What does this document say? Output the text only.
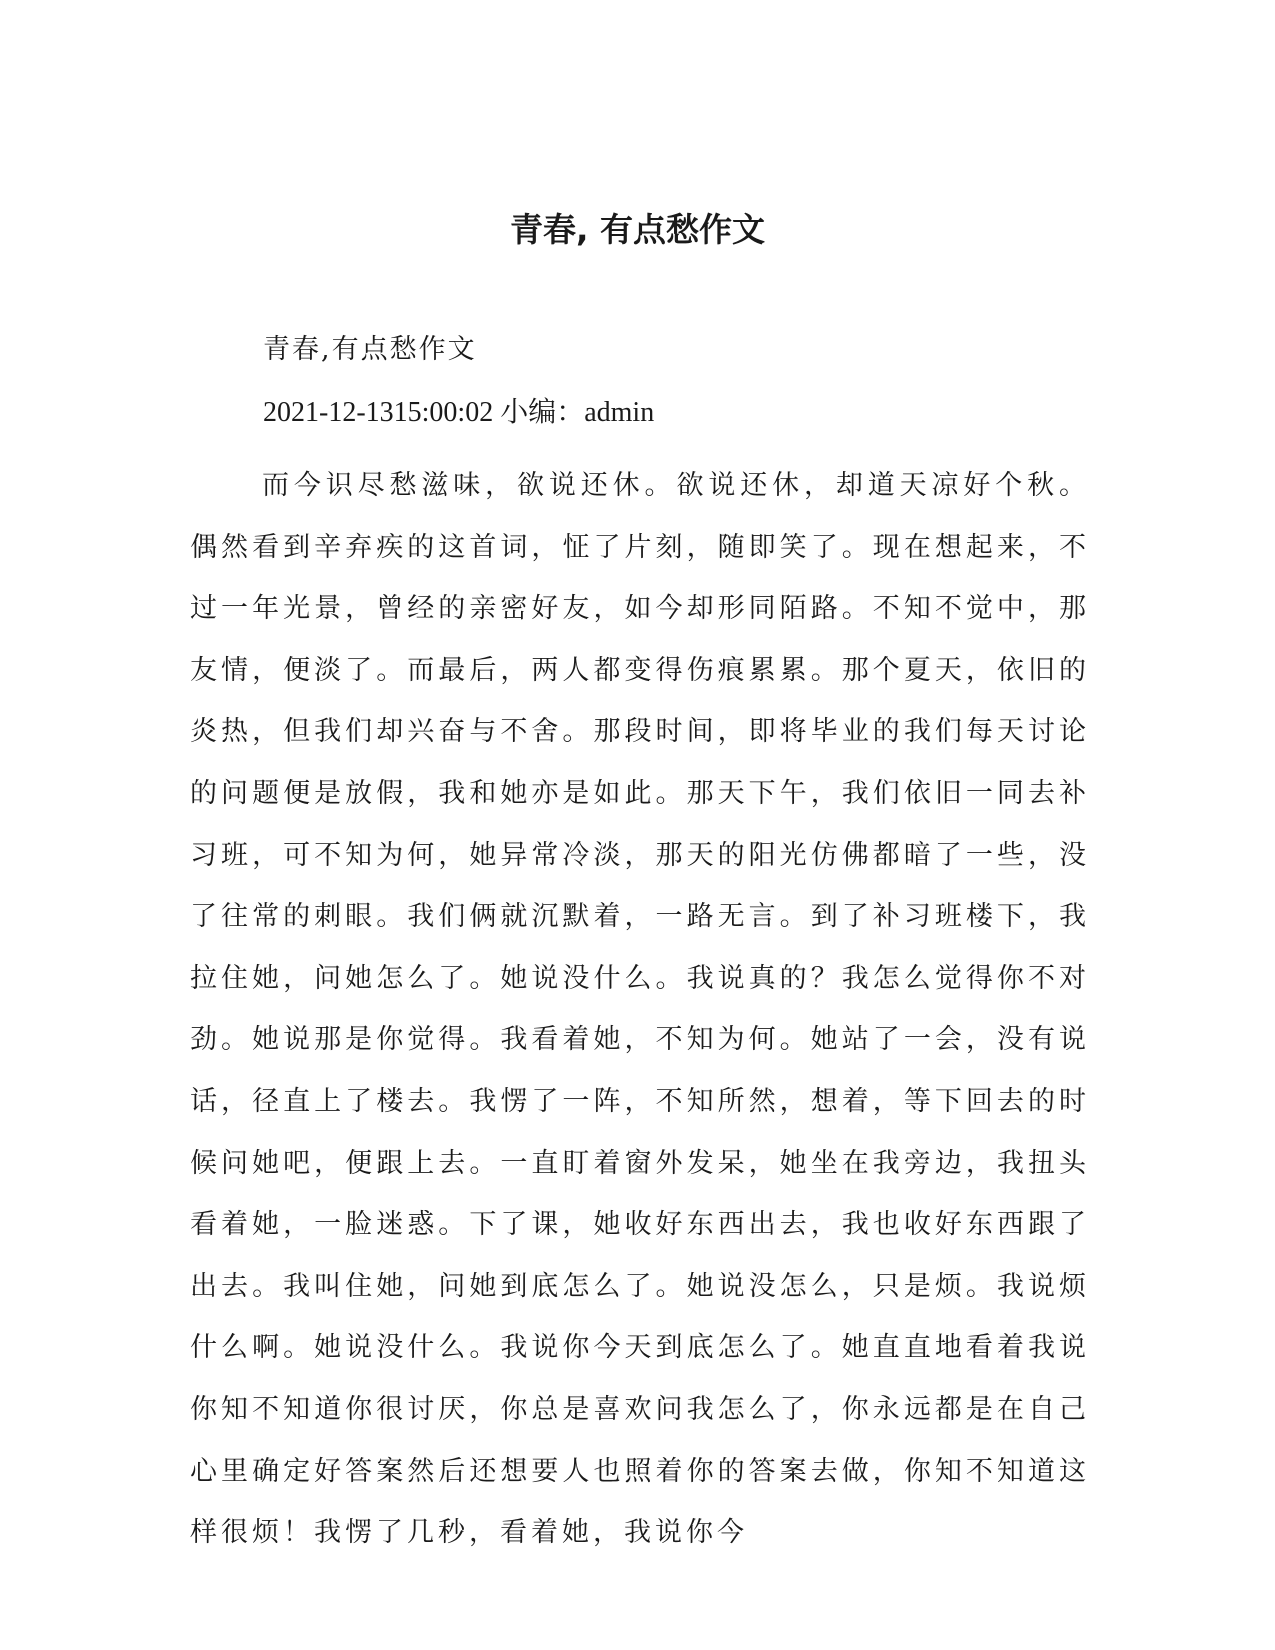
青春, 有点愁作文
青春,有点愁作文
2021-12-1315:00:02 小编：admin

而今识尽愁滋味，欲说还休。欲说还休，却道天凉好个秋。偶然看到辛弃疾的这首词，怔了片刻，随即笑了。现在想起来，不过一年光景，曾经的亲密好友，如今却形同陌路。不知不觉中，那友情，便淡了。而最后，两人都变得伤痕累累。那个夏天，依旧的炎热，但我们却兴奋与不舍。那段时间，即将毕业的我们每天讨论的问题便是放假，我和她亦是如此。那天下午，我们依旧一同去补习班，可不知为何，她异常冷淡，那天的阳光仿佛都暗了一些，没了往常的刺眼。我们俩就沉默着，一路无言。到了补习班楼下，我拉住她，问她怎么了。她说没什么。我说真的？我怎么觉得你不对劲。她说那是你觉得。我看着她，不知为何。她站了一会，没有说话，径直上了楼去。我愣了一阵，不知所然，想着，等下回去的时候问她吧，便跟上去。一直盯着窗外发呆，她坐在我旁边，我扭头看着她，一脸迷惑。下了课，她收好东西出去，我也收好东西跟了出去。我叫住她，问她到底怎么了。她说没怎么，只是烦。我说烦什么啊。她说没什么。我说你今天到底怎么了。她直直地看着我说你知不知道你很讨厌，你总是喜欢问我怎么了，你永远都是在自己心里确定好答案然后还想要人也照着你的答案去做，你知不知道这样很烦！我愣了几秒，看着她，我说你今
